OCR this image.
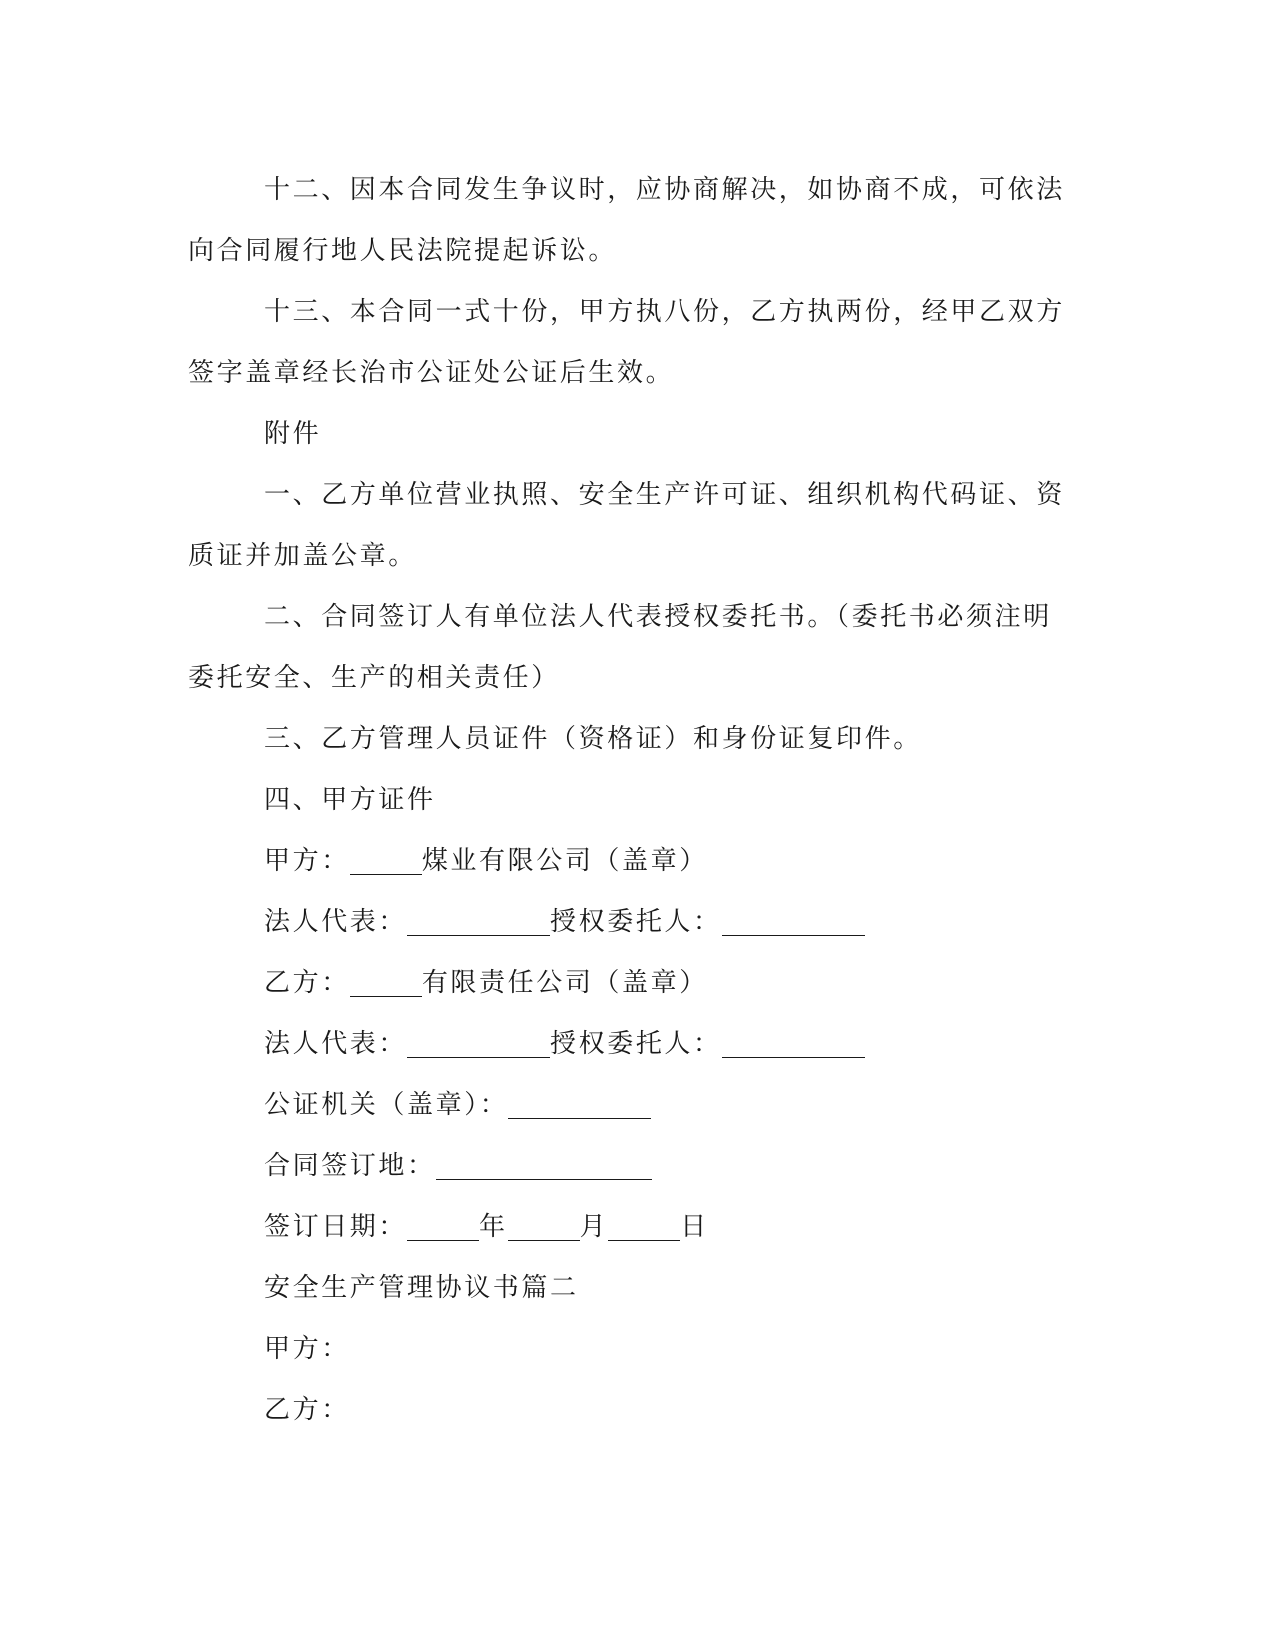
十二、因本合同发生争议时，应协商解决，如协商不成，可依法
向合同履行地人民法院提起诉讼。
十三、本合同一式十份，甲方执八份，乙方执两份，经甲乙双方
签字盖章经长治市公证处公证后生效。
附件
一、乙方单位营业执照、安全生产许可证、组织机构代码证、资
质证并加盖公章。
二、合同签订人有单位法人代表授权委托书。（委托书必须注明
委托安全、生产的相关责任）
三、乙方管理人员证件（资格证）和身份证复印件。
四、甲方证件
甲方：	煤业有限公司（盖章）
法人代表：	授权委托人：
乙方：	有限责任公司（盖章）
法人代表：	授权委托人：
公证机关（盖章）：
合同签订地：
签订日期：	年	月	日
安全生产管理协议书篇二
甲方：
乙方：
